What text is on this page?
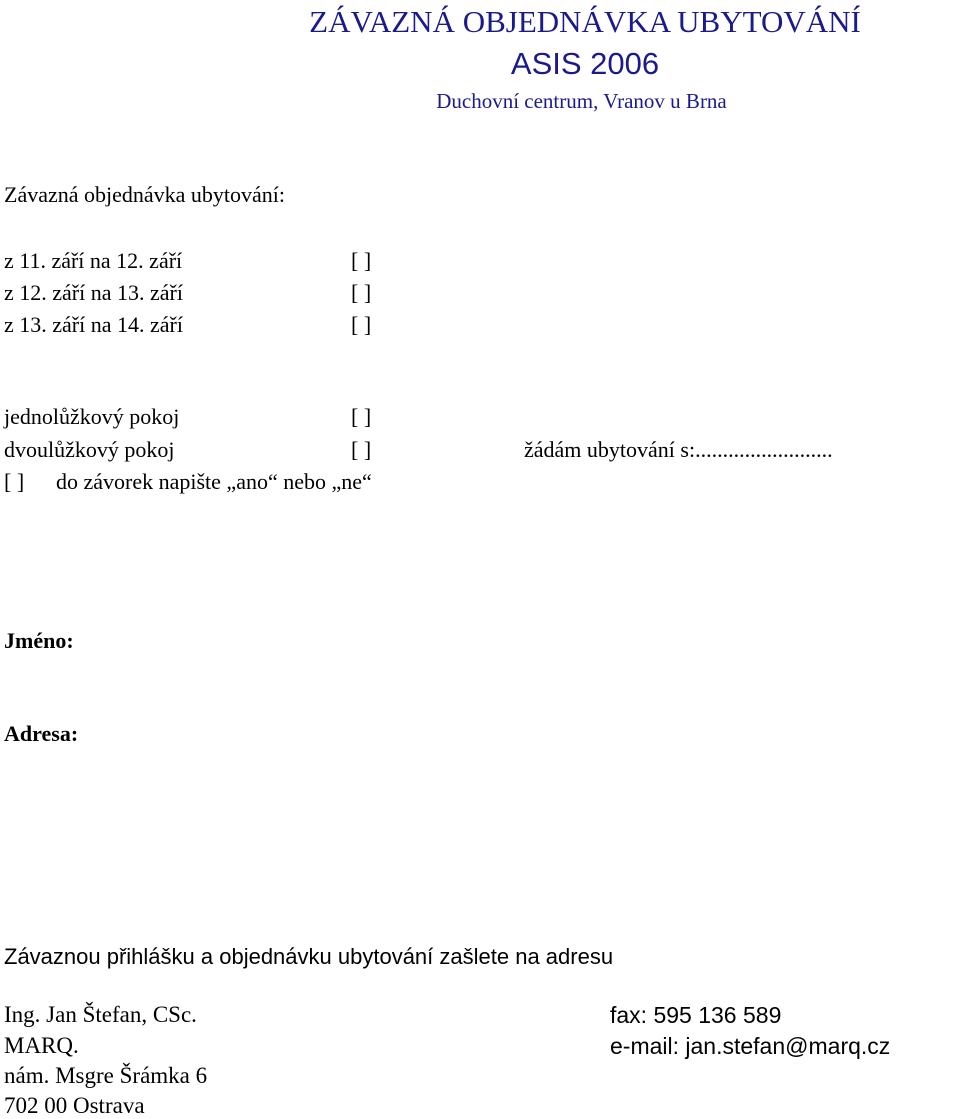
ZÁVAZNÁ OBJEDNÁVKA UBYTOVÁNÍ
ASIS 2006
Duchovní centrum, Vranov u Brna
Závazná objednávka ubytování:
z 11. září na 12. září	[ ]
z 12. září na 13. září	[ ]
z 13. září na 14. září	[ ]
jednolůžkový pokoj	[ ]
dvoulůžkový pokoj	[ ]	žádám ubytování s:.........................
[ ] do závorek napište „ano“ nebo „ne“
Jméno:
Adresa:
Závaznou přihlášku a objednávku ubytování zašlete na adresu
Ing. Jan Štefan, CSc.
MARQ.
nám. Msgre Šrámka 6
702 00 Ostrava
fax: 595 136 589
e-mail: jan.stefan@marq.cz
